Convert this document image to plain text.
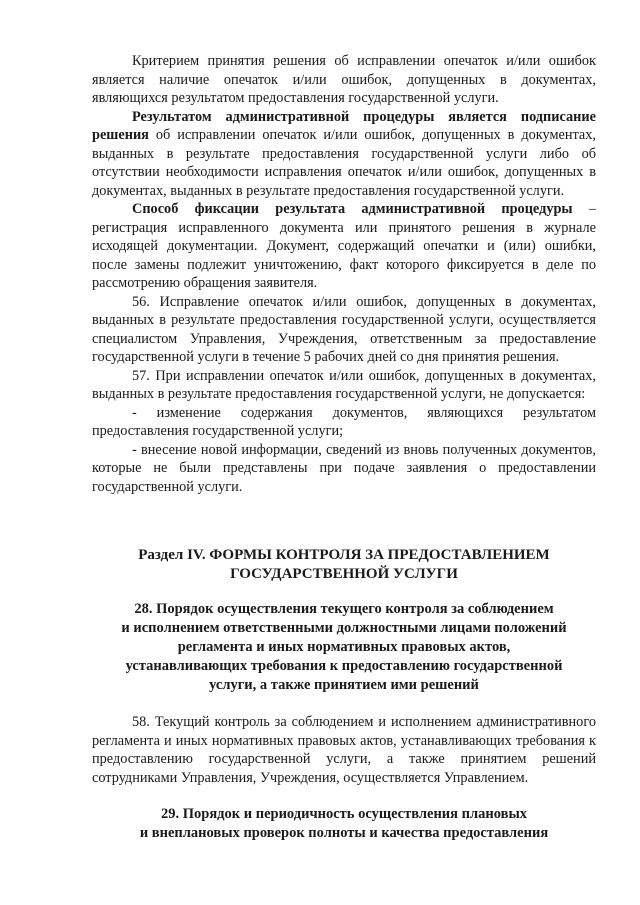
Критерием принятия решения об исправлении опечаток и/или ошибок является наличие опечаток и/или ошибок, допущенных в документах, являющихся результатом предоставления государственной услуги.

Результатом административной процедуры является подписание решения об исправлении опечаток и/или ошибок, допущенных в документах, выданных в результате предоставления государственной услуги либо об отсутствии необходимости исправления опечаток и/или ошибок, допущенных в документах, выданных в результате предоставления государственной услуги.

Способ фиксации результата административной процедуры – регистрация исправленного документа или принятого решения в журнале исходящей документации. Документ, содержащий опечатки и (или) ошибки, после замены подлежит уничтожению, факт которого фиксируется в деле по рассмотрению обращения заявителя.

56. Исправление опечаток и/или ошибок, допущенных в документах, выданных в результате предоставления государственной услуги, осуществляется специалистом Управления, Учреждения, ответственным за предоставление государственной услуги в течение 5 рабочих дней со дня принятия решения.

57. При исправлении опечаток и/или ошибок, допущенных в документах, выданных в результате предоставления государственной услуги, не допускается:

- изменение содержания документов, являющихся результатом предоставления государственной услуги;

- внесение новой информации, сведений из вновь полученных документов, которые не были представлены при подаче заявления о предоставлении государственной услуги.

Раздел IV. ФОРМЫ КОНТРОЛЯ ЗА ПРЕДОСТАВЛЕНИЕМ
ГОСУДАРСТВЕННОЙ УСЛУГИ
28. Порядок осуществления текущего контроля за соблюдением
и исполнением ответственными должностными лицами положений
регламента и иных нормативных правовых актов,
устанавливающих требования к предоставлению государственной
услуги, а также принятием ими решений

58. Текущий контроль за соблюдением и исполнением административного регламента и иных нормативных правовых актов, устанавливающих требования к предоставлению государственной услуги, а также принятием решений сотрудниками Управления, Учреждения, осуществляется Управлением.

29. Порядок и периодичность осуществления плановых
и внеплановых проверок полноты и качества предоставления
